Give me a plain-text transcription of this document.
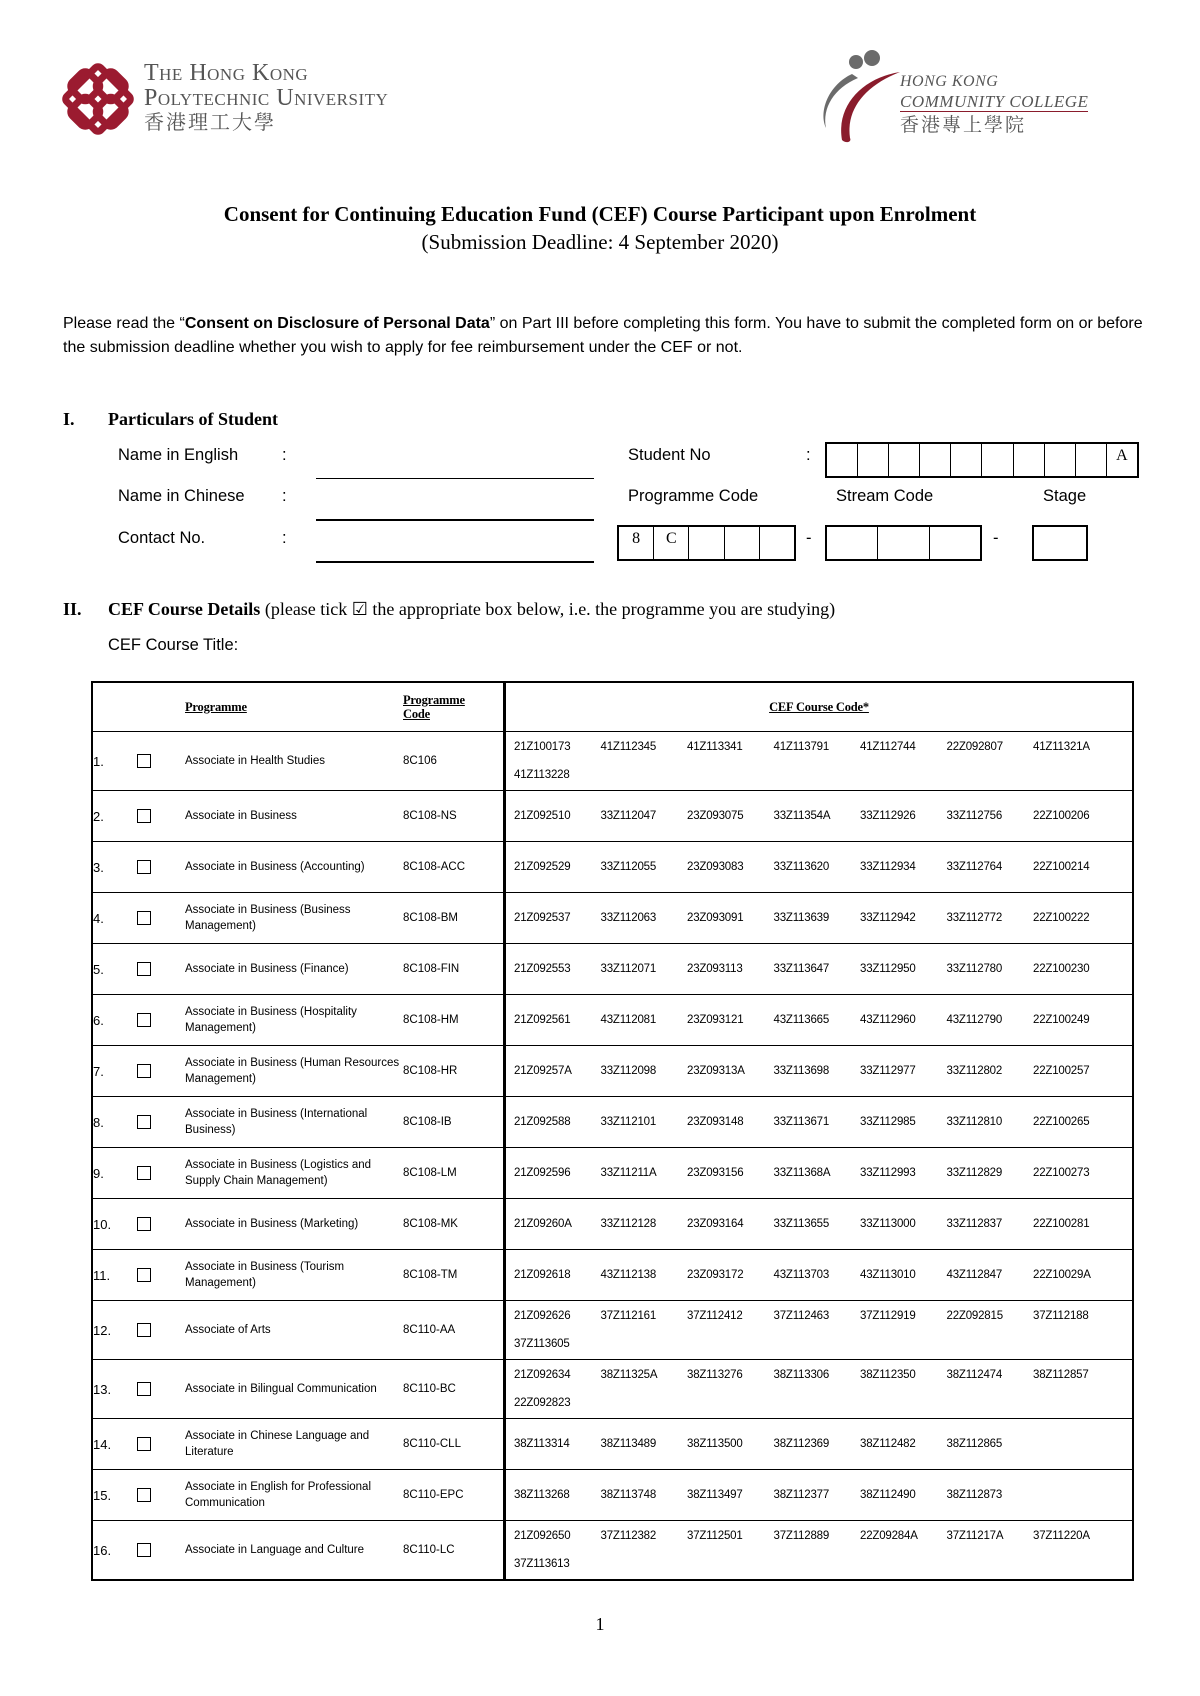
The Hong Kong
Polytechnic University
香港理工大學
HONG KONG
COMMUNITY COLLEGE
香港專上學院
Consent for Continuing Education Fund (CEF) Course Participant upon Enrolment
(Submission Deadline: 4 September 2020)
Please read the “Consent on Disclosure of Personal Data” on Part III before completing this form. You have to submit the completed form on or before the submission deadline whether you wish to apply for fee reimbursement under the CEF or not.
I. Particulars of Student
Name in English	:
Name in Chinese :
Contact No.	:
Student No	:	A
Programme Code	Stream Code	Stage
8	C	-	-
II. CEF Course Details (please tick ☑ the appropriate box below, i.e. the programme you are studying)
CEF Course Title:
		Programme	Programme
Code	CEF Course Code*
1.		Associate in Health Studies	8C106	
21Z100173	41Z112345	41Z113341	41Z113791	41Z112744	22Z092807	41Z11321A
41Z113228

2.		Associate in Business	8C108-NS	21Z092510	33Z112047	23Z093075	33Z11354A	33Z112926	33Z112756	22Z100206

3.		Associate in Business (Accounting)	8C108-ACC	21Z092529	33Z112055	23Z093083	33Z113620	33Z112934	33Z112764	22Z100214

4.		Associate in Business (Business Management)	8C108-BM	21Z092537	33Z112063	23Z093091	33Z113639	33Z112942	33Z112772	22Z100222

5.		Associate in Business (Finance)	8C108-FIN	21Z092553	33Z112071	23Z093113	33Z113647	33Z112950	33Z112780	22Z100230

6.		Associate in Business (Hospitality Management)	8C108-HM	21Z092561	43Z112081	23Z093121	43Z113665	43Z112960	43Z112790	22Z100249

7.		Associate in Business (Human Resources Management)	8C108-HR	21Z09257A	33Z112098	23Z09313A	33Z113698	33Z112977	33Z112802	22Z100257

8.		Associate in Business (International Business)	8C108-IB	21Z092588	33Z112101	23Z093148	33Z113671	33Z112985	33Z112810	22Z100265

9.		Associate in Business (Logistics and Supply Chain Management)	8C108-LM	21Z092596	33Z11211A	23Z093156	33Z11368A	33Z112993	33Z112829	22Z100273

10.		Associate in Business (Marketing)	8C108-MK	21Z09260A	33Z112128	23Z093164	33Z113655	33Z113000	33Z112837	22Z100281

11.		Associate in Business (Tourism Management)	8C108-TM	21Z092618	43Z112138	23Z093172	43Z113703	43Z113010	43Z112847	22Z10029A

12.		Associate of Arts	8C110-AA	
21Z092626	37Z112161	37Z112412	37Z112463	37Z112919	22Z092815	37Z112188
37Z113605

13.		Associate in Bilingual Communication	8C110-BC	
21Z092634	38Z11325A	38Z113276	38Z113306	38Z112350	38Z112474	38Z112857
22Z092823

14.		Associate in Chinese Language and Literature	8C110-CLL	38Z113314	38Z113489	38Z113500	38Z112369	38Z112482	38Z112865

15.		Associate in English for Professional Communication	8C110-EPC	38Z113268	38Z113748	38Z113497	38Z112377	38Z112490	38Z112873

16.		Associate in Language and Culture	8C110-LC	
21Z092650	37Z112382	37Z112501	37Z112889	22Z09284A	37Z11217A	37Z11220A
37Z113613
1
